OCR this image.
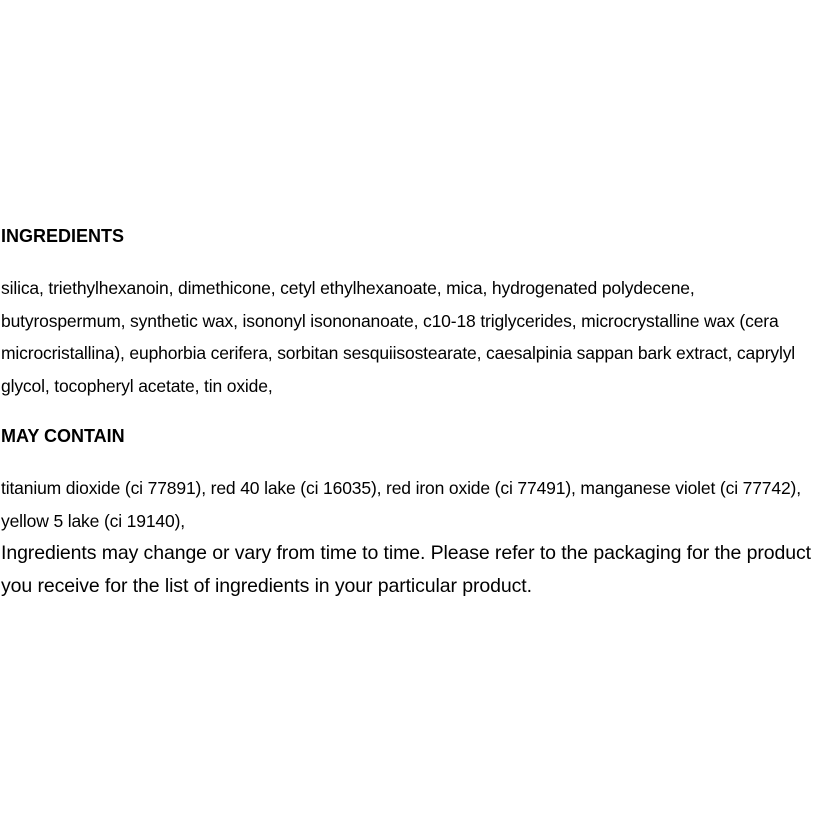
INGREDIENTS

silica, triethylhexanoin, dimethicone, cetyl ethylhexanoate, mica, hydrogenated polydecene, butyrospermum, synthetic wax, isononyl isononanoate, c10-18 triglycerides, microcrystalline wax (cera microcristallina), euphorbia cerifera, sorbitan sesquiisostearate, caesalpinia sappan bark extract, caprylyl glycol, tocopheryl acetate, tin oxide,

MAY CONTAIN

titanium dioxide (ci 77891), red 40 lake (ci 16035), red iron oxide (ci 77491), manganese violet (ci 77742), yellow 5 lake (ci 19140),

Ingredients may change or vary from time to time. Please refer to the packaging for the product you receive for the list of ingredients in your particular product.
